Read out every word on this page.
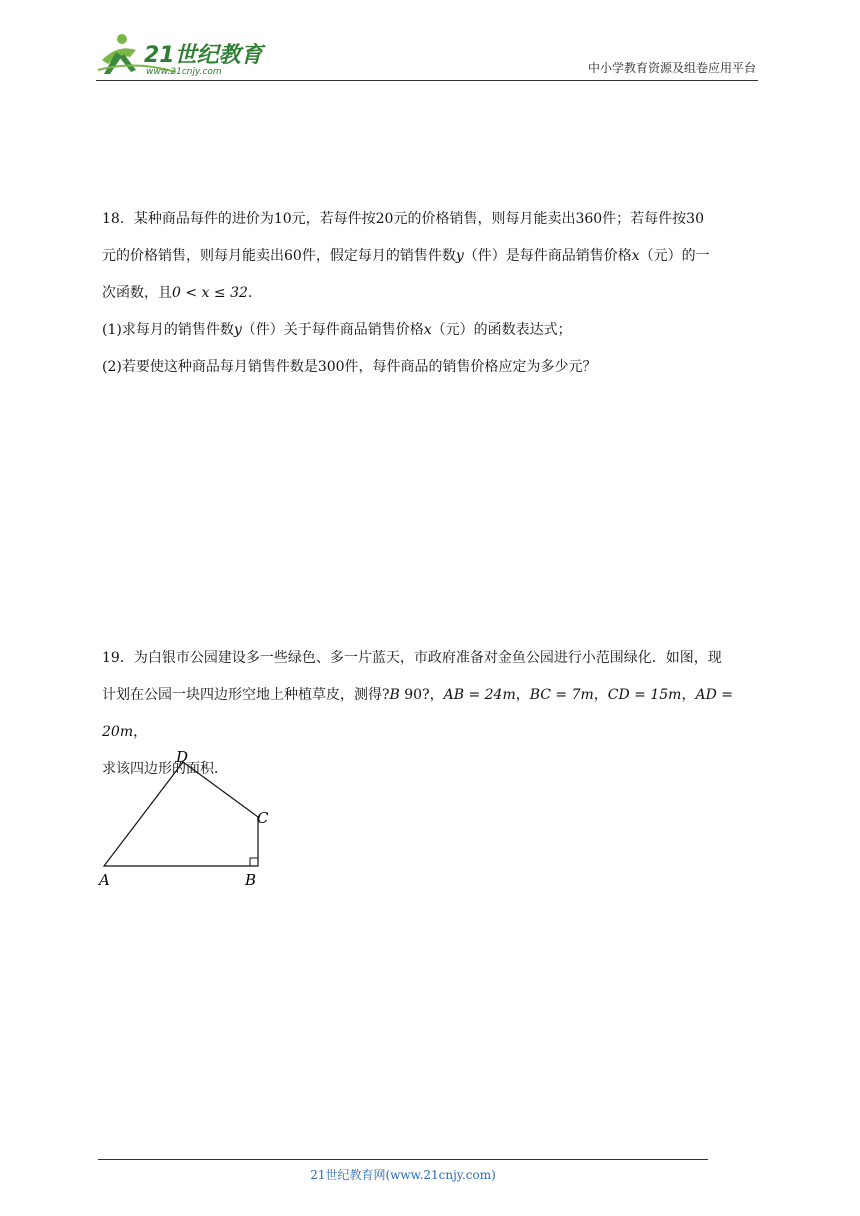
21世纪教育
www.21cnjy.com	中小学教育资源及组卷应用平台

18．某种商品每件的进价为10元，若每件按20元的价格销售，则每月能卖出360件；若每件按30

元的价格销售，则每月能卖出60件，假定每月的销售件数y（件）是每件商品销售价格x（元）的一

次函数，且0 < x ≤ 32.

(1)求每月的销售件数y（件）关于每件商品销售价格x（元）的函数表达式；

(2)若要使这种商品每月销售件数是300件，每件商品的销售价格应定为多少元？

19．为白银市公园建设多一些绿色、多一片蓝天，市政府准备对金鱼公园进行小范围绿化．如图，现

计划在公园一块四边形空地上种植草皮，测得?B 90?，AB = 24m，BC = 7m，CD = 15m，AD = 20m，

求该四边形的面积．

D
C
A	B
21世纪教育网(www.21cnjy.com)
